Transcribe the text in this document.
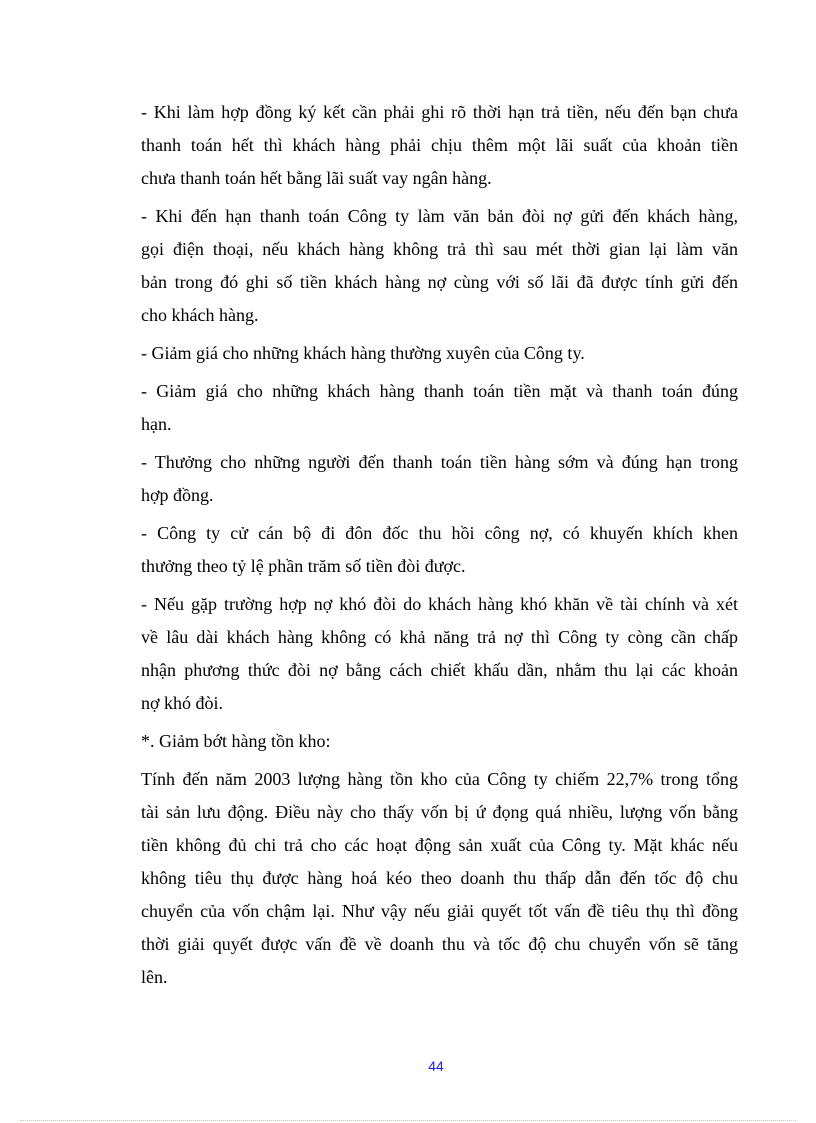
- Khi làm hợp đồng ký kết cần phải ghi rõ thời hạn trả tiền, nếu đến bạn chưa
thanh toán hết thì khách hàng phải chịu thêm một lãi suất của khoản tiền
chưa thanh toán hết bằng lãi suất vay ngân hàng.
- Khi đến hạn thanh toán Công ty làm văn bản đòi nợ gửi đến khách hàng,
gọi điện thoại, nếu khách hàng không trả thì sau mét thời gian lại làm văn
bản trong đó ghi số tiền khách hàng nợ cùng với số lãi đã được tính gửi đến
cho khách hàng.
- Giảm giá cho những khách hàng thường xuyên của Công ty.
- Giảm giá cho những khách hàng thanh toán tiền mặt và thanh toán đúng
hạn.
- Thưởng cho những người đến thanh toán tiền hàng sớm và đúng hạn trong
hợp đồng.
- Công ty cử cán bộ đi đôn đốc thu hồi công nợ, có khuyến khích khen
thưởng theo tỷ lệ phần trăm số tiền đòi được.
- Nếu gặp trường hợp nợ khó đòi do khách hàng khó khăn về tài chính và xét
về lâu dài khách hàng không có khả năng trả nợ thì Công ty còng cần chấp
nhận phương thức đòi nợ bằng cách chiết khấu dần, nhằm thu lại các khoản
nợ khó đòi.
*. Giảm bớt hàng tồn kho:
Tính đến năm 2003 lượng hàng tồn kho của Công ty chiếm 22,7% trong tổng
tài sản lưu động. Điều này cho thấy vốn bị ứ đọng quá nhiều, lượng vốn bằng
tiền không đủ chi trả cho các hoạt động sản xuất của Công ty. Mặt khác nếu
không tiêu thụ được hàng hoá kéo theo doanh thu thấp dẫn đến tốc độ chu
chuyển của vốn chậm lại. Như vậy nếu giải quyết tốt vấn đề tiêu thụ thì đồng
thời giải quyết được vấn đề về doanh thu và tốc độ chu chuyển vốn sẽ tăng
lên.
44
